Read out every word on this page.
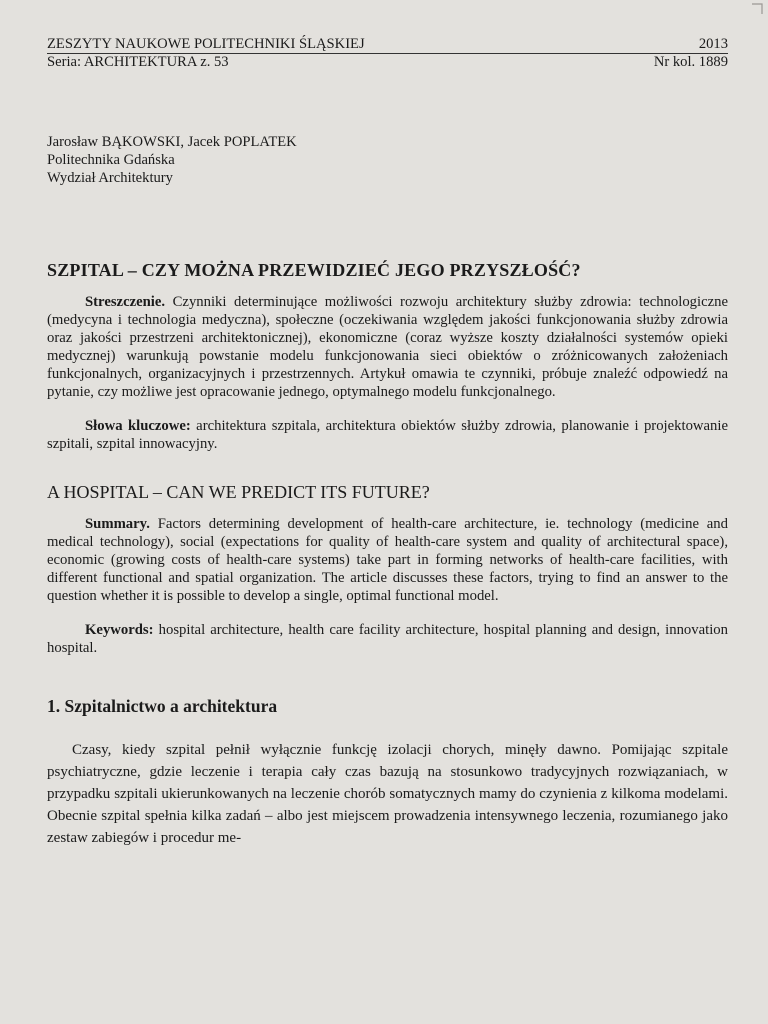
ZESZYTY NAUKOWE POLITECHNIKI ŚLĄSKIEJ	2013
Seria: ARCHITEKTURA z. 53	Nr kol. 1889
Jarosław BĄKOWSKI, Jacek POPLATEK
Politechnika Gdańska
Wydział Architektury
SZPITAL – CZY MOŻNA PRZEWIDZIEĆ JEGO PRZYSZŁOŚĆ?

Streszczenie. Czynniki determinujące możliwości rozwoju architektury służby zdrowia: technologiczne (medycyna i technologia medyczna), społeczne (oczekiwania względem jakości funkcjonowania służby zdrowia oraz jakości przestrzeni architektonicznej), ekonomiczne (coraz wyższe koszty działalności systemów opieki medycznej) warunkują powstanie modelu funkcjonowania sieci obiektów o zróżnicowanych założeniach funkcjonalnych, organizacyjnych i przestrzennych. Artykuł omawia te czynniki, próbuje znaleźć odpowiedź na pytanie, czy możliwe jest opracowanie jednego, optymalnego modelu funkcjonalnego.

Słowa kluczowe: architektura szpitala, architektura obiektów służby zdrowia, planowanie i projektowanie szpitali, szpital innowacyjny.

A HOSPITAL – CAN WE PREDICT ITS FUTURE?

Summary. Factors determining development of health-care architecture, ie. technology (medicine and medical technology), social (expectations for quality of health-care system and quality of architectural space), economic (growing costs of health-care systems) take part in forming networks of health-care facilities, with different functional and spatial organization. The article discusses these factors, trying to find an answer to the question whether it is possible to develop a single, optimal functional model.

Keywords: hospital architecture, health care facility architecture, hospital planning and design, innovation hospital.

1. Szpitalnictwo a architektura

Czasy, kiedy szpital pełnił wyłącznie funkcję izolacji chorych, minęły dawno. Pomijając szpitale psychiatryczne, gdzie leczenie i terapia cały czas bazują na stosunkowo tradycyjnych rozwiązaniach, w przypadku szpitali ukierunkowanych na leczenie chorób somatycznych mamy do czynienia z kilkoma modelami. Obecnie szpital spełnia kilka zadań – albo jest miejscem prowadzenia intensywnego leczenia, rozumianego jako zestaw zabiegów i procedur me-
